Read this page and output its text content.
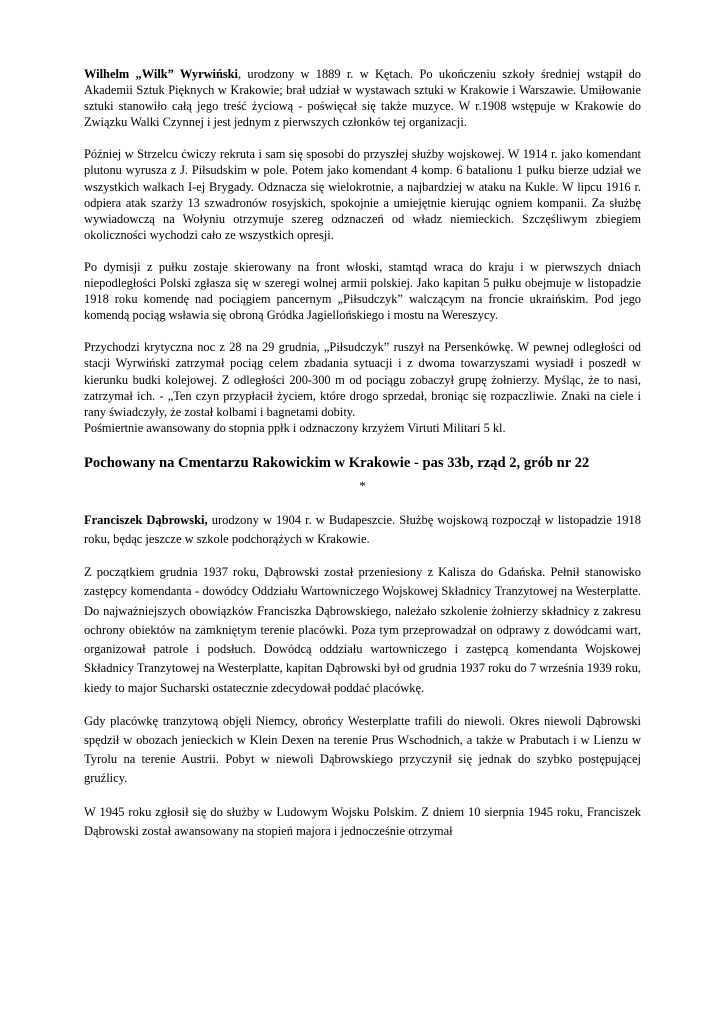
Wilhelm „Wilk” Wyrwiński, urodzony w 1889 r. w Kętach. Po ukończeniu szkoły średniej wstąpił do Akademii Sztuk Pięknych w Krakowie; brał udział w wystawach sztuki w Krakowie i Warszawie. Umiłowanie sztuki stanowiło całą jego treść życiową - poświęcał się także muzyce. W r.1908 wstępuje w Krakowie do Związku Walki Czynnej i jest jednym z pierwszych członków tej organizacji.

Później w Strzelcu ćwiczy rekruta i sam się sposobi do przyszłej służby wojskowej. W 1914 r. jako komendant plutonu wyrusza z J. Piłsudskim w pole. Potem jako komendant 4 komp. 6 batalionu 1 pułku bierze udział we wszystkich walkach I-ej Brygady. Odznacza się wielokrotnie, a najbardziej w ataku na Kukle. W lipcu 1916 r. odpiera atak szarży 13 szwadronów rosyjskich, spokojnie a umiejętnie kierując ogniem kompanii. Za służbę wywiadowczą na Wołyniu otrzymuje szereg odznaczeń od władz niemieckich. Szczęśliwym zbiegiem okoliczności wychodzi cało ze wszystkich opresji.

Po dymisji z pułku zostaje skierowany na front włoski, stamtąd wraca do kraju i w pierwszych dniach niepodległości Polski zgłasza się w szeregi wolnej armii polskiej. Jako kapitan 5 pułku obejmuje w listopadzie 1918 roku komendę nad pociągiem pancernym „Piłsudczyk” walczącym na froncie ukraińskim. Pod jego komendą pociąg wsławia się obroną Gródka Jagiellońskiego i mostu na Wereszycy.

Przychodzi krytyczna noc z 28 na 29 grudnia, „Piłsudczyk” ruszył na Persenkówkę. W pewnej odległości od stacji Wyrwiński zatrzymał pociąg celem zbadania sytuacji i z dwoma towarzyszami wysiadł i poszedł w kierunku budki kolejowej. Z odległości 200-300 m od pociągu zobaczył grupę żołnierzy. Myśląc, że to nasi, zatrzymał ich. - „Ten czyn przypłacił życiem, które drogo sprzedał, broniąc się rozpaczliwie. Znaki na ciele i rany świadczyły, że został kolbami i bagnetami dobity.

Pośmiertnie awansowany do stopnia ppłk i odznaczony krzyżem Virtuti Militari 5 kl.

Pochowany na Cmentarzu Rakowickim w Krakowie - pas 33b, rząd 2, grób nr 22

*

Franciszek Dąbrowski, urodzony w 1904 r. w Budapeszcie. Służbę wojskową rozpoczął w listopadzie 1918 roku, będąc jeszcze w szkole podchorążych w Krakowie.

Z początkiem grudnia 1937 roku, Dąbrowski został przeniesiony z Kalisza do Gdańska. Pełnił stanowisko zastępcy komendanta - dowódcy Oddziału Wartowniczego Wojskowej Składnicy Tranzytowej na Westerplatte. Do najważniejszych obowiązków Franciszka Dąbrowskiego, należało szkolenie żołnierzy składnicy z zakresu ochrony obiektów na zamkniętym terenie placówki. Poza tym przeprowadzał on odprawy z dowódcami wart, organizował patrole i podsłuch. Dowódcą oddziału wartowniczego i zastępcą komendanta Wojskowej Składnicy Tranzytowej na Westerplatte, kapitan Dąbrowski był od grudnia 1937 roku do 7 września 1939 roku, kiedy to major Sucharski ostatecznie zdecydował poddać placówkę.

Gdy placówkę tranzytową objęli Niemcy, obrońcy Westerplatte trafili do niewoli. Okres niewoli Dąbrowski spędził w obozach jenieckich w Klein Dexen na terenie Prus Wschodnich, a także w Prabutach i w Lienzu w Tyrolu na terenie Austrii. Pobyt w niewoli Dąbrowskiego przyczynił się jednak do szybko postępującej gruźlicy.

W 1945 roku zgłosił się do służby w Ludowym Wojsku Polskim. Z dniem 10 sierpnia 1945 roku, Franciszek Dąbrowski został awansowany na stopień majora i jednocześnie otrzymał
